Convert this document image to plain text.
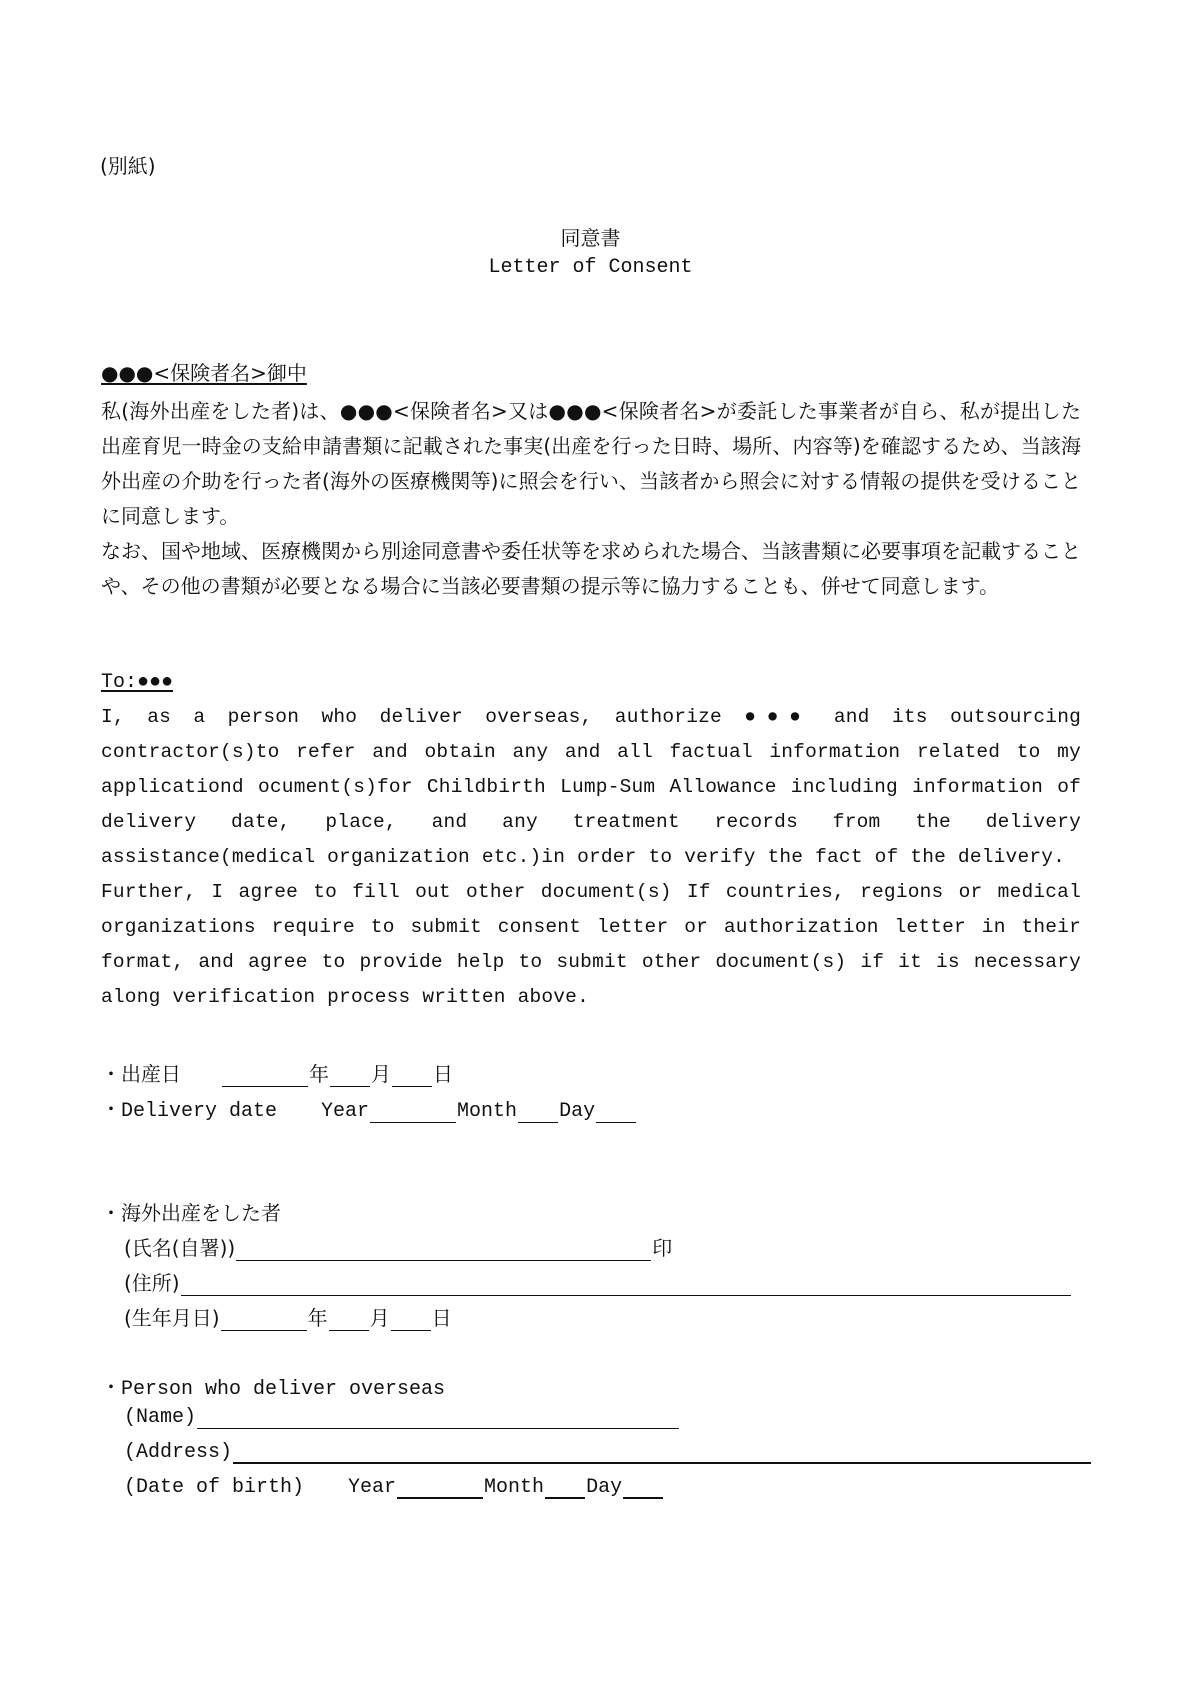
(別紙)
同意書
Letter of Consent
●●●<保険者名>御中
私(海外出産をした者)は、●●●<保険者名>又は●●●<保険者名>が委託した事業者が自ら、私が提出した出産育児一時金の支給申請書類に記載された事実(出産を行った日時、場所、内容等)を確認するため、当該海外出産の介助を行った者(海外の医療機関等)に照会を行い、当該者から照会に対する情報の提供を受けることに同意します。
なお、国や地域、医療機関から別途同意書や委任状等を求められた場合、当該書類に必要事項を記載することや、その他の書類が必要となる場合に当該必要書類の提示等に協力することも、併せて同意します。
To:●●●
I, as a person who deliver overseas, authorize ●●● and its outsourcing contractor(s)to refer and obtain any and all factual information related to my applicationd ocument(s)for Childbirth Lump-Sum Allowance including information of delivery date, place, and any treatment records from the delivery assistance(medical organization etc.)in order to verify the fact of the delivery.
Further, I agree to fill out other document(s) If countries, regions or medical organizations require to submit consent letter or authorization letter in their format, and agree to provide help to submit other document(s) if it is necessary along verification process written above.
・出産日	年 月 日
・Delivery date Year	Month Day
・海外出産をした者
(氏名(自署))	印
(住所)
(生年月日)	年 月 日
・Person who deliver overseas
(Name)
(Address)
(Date of birth) Year	Month Day
